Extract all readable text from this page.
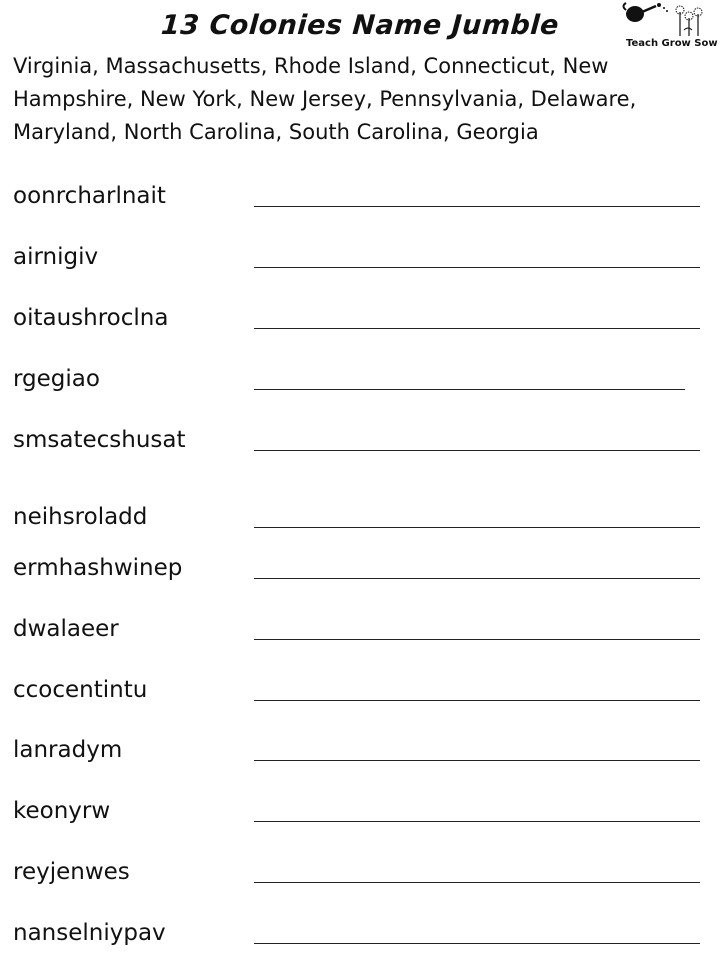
13 Colonies Name Jumble
Teach Grow Sow

Virginia, Massachusetts, Rhode Island, Connecticut, New Hampshire, New York, New Jersey, Pennsylvania, Delaware, Maryland, North Carolina, South Carolina, Georgia

oonrcharlnait
airnigiv
oitaushroclna
rgegiao
smsatecshusat
neihsroladd
ermhashwinep
dwalaeer
ccocentintu
lanradym
keonyrw
reyjenwes
nanselniypav
